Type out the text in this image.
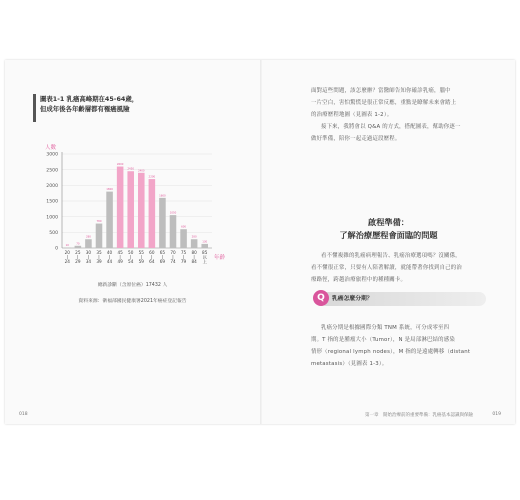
圖表1-1 乳癌高峰期在45-64歲，
但成年後各年齡層都有罹癌風險
人數
0
500
1000
1500
2000
2500
3000
10
20
|
24
70
25
|
29
280
30
|
34
780
35
|
39
1800
40
|
44
2600
45
|
49
2450
50
|
54
2400
55
|
59
2200
60
|
64
1600
65
|
69
1050
70
|
74
600
75
|
79
280
80
|
84
130
85
以
上
年齡
總新診斷（含原位癌）17432 人
資料來源：衛福部國民健康署2021年癌症登記報告
018
面對這些問題，該怎麼辦？當醫師告知你確診乳癌，腦中
一片空白，害怕驚慌是很正常反應，重點是瞭解未來會踏上
的治療歷程地圖（見圖表 1-2）。
接下來，我將會以 Q&A 的方式，搭配圖表，幫助你逐一
做好準備，陪你一起走過這段歷程。
啟程準備：
了解治療歷程會面臨的問題
看不懂複雜的乳癌病理報告、乳癌治療選項嗎？沒關係，
看不懂很正常，只要有人陪著解讀，就能帶著你找到自己的治
療路徑，跨越治療旅程中的種種關卡。
Q	乳癌怎麼分期？
乳癌分期是根據國際分類 TNM 系統，可分成零至四
期。T 指的是腫瘤大小（Tumor），N 是局部淋巴結的感染
情形（regional lymph nodes），M 指的是遠處轉移（distant
metastasis）（見圖表 1-3）。
第一章　開始治療前的重要準備：乳癌基本認識與保險	019
